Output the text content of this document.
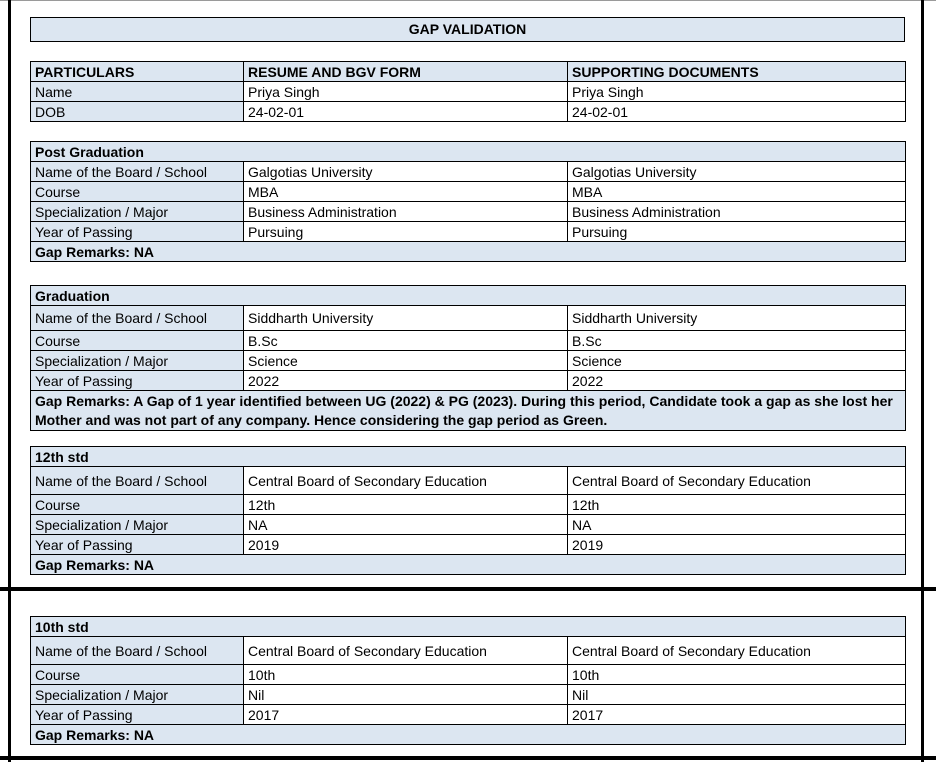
GAP VALIDATION
PARTICULARS	RESUME AND BGV FORM	SUPPORTING DOCUMENTS
Name	Priya Singh	Priya Singh
DOB	24-02-01	24-02-01
Post Graduation		
Name of the Board / School	Galgotias University	Galgotias University
Course	MBA	MBA
Specialization / Major	Business Administration	Business Administration
Year of Passing	Pursuing	Pursuing
Gap Remarks: NA		
Graduation		
Name of the Board / School	Siddharth University	Siddharth University
Course	B.Sc	B.Sc
Specialization / Major	Science	Science
Year of Passing	2022	2022
Gap Remarks: A Gap of 1 year identified between UG (2022) & PG (2023). During this period, Candidate took a gap as she lost her Mother and was not part of any company. Hence considering the gap period as Green.		
12th std		
Name of the Board / School	Central Board of Secondary Education	Central Board of Secondary Education
Course	12th	12th
Specialization / Major	NA	NA
Year of Passing	2019	2019
Gap Remarks: NA		
10th std		
Name of the Board / School	Central Board of Secondary Education	Central Board of Secondary Education
Course	10th	10th
Specialization / Major	Nil	Nil
Year of Passing	2017	2017
Gap Remarks: NA		
